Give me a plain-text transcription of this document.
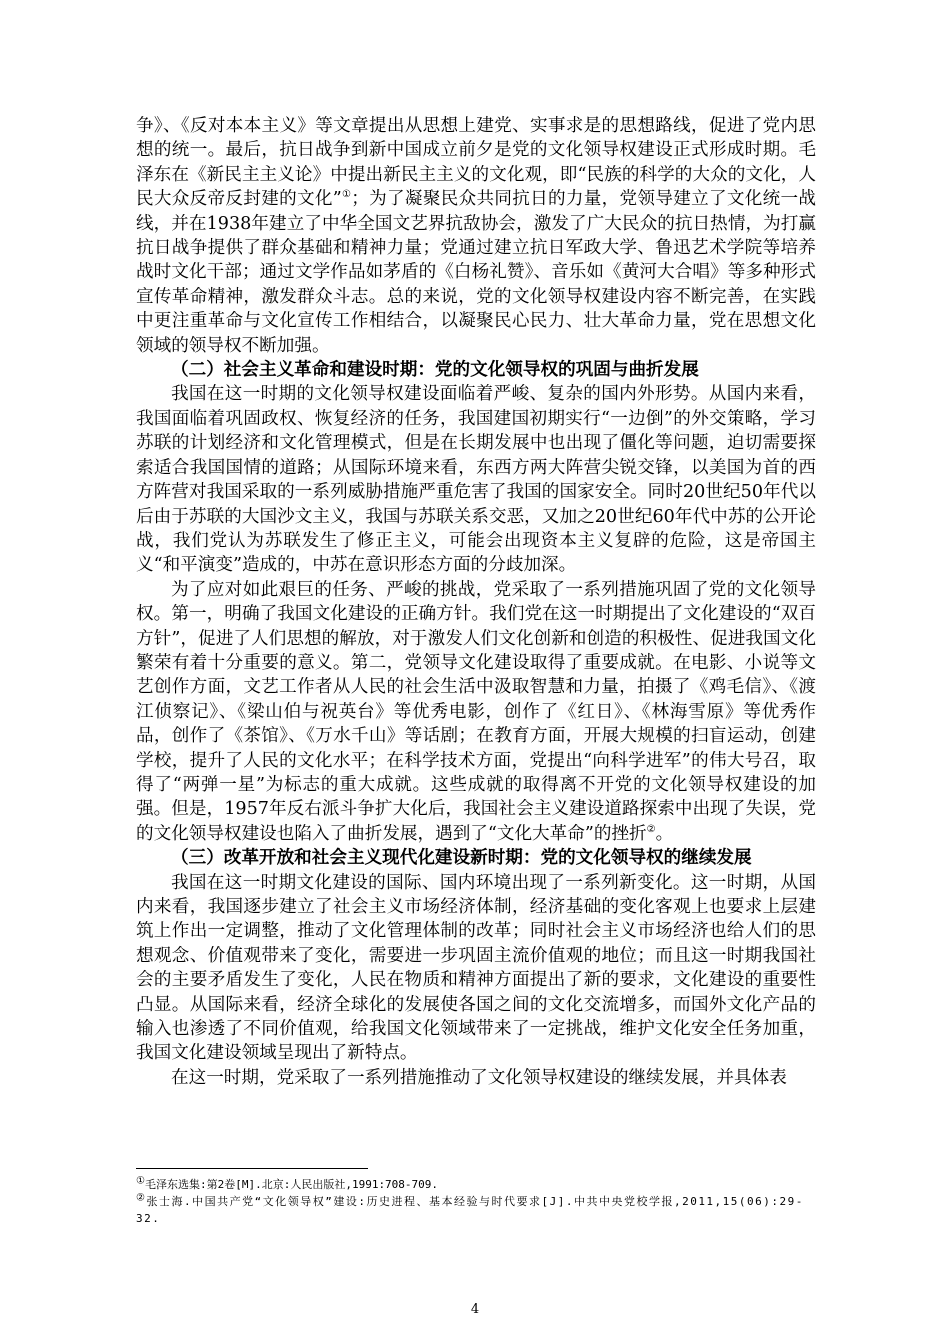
争》、《反对本本主义》等文章提出从思想上建党、实事求是的思想路线，促进了党内思想的统一。最后，抗日战争到新中国成立前夕是党的文化领导权建设正式形成时期。毛泽东在《新民主主义论》中提出新民主主义的文化观，即“民族的科学的大众的文化，人民大众反帝反封建的文化”①；为了凝聚民众共同抗日的力量，党领导建立了文化统一战线，并在1938年建立了中华全国文艺界抗敌协会，激发了广大民众的抗日热情，为打赢抗日战争提供了群众基础和精神力量；党通过建立抗日军政大学、鲁迅艺术学院等培养战时文化干部；通过文学作品如茅盾的《白杨礼赞》、音乐如《黄河大合唱》等多种形式宣传革命精神，激发群众斗志。总的来说，党的文化领导权建设内容不断完善，在实践中更注重革命与文化宣传工作相结合，以凝聚民心民力、壮大革命力量，党在思想文化领域的领导权不断加强。

（二）社会主义革命和建设时期：党的文化领导权的巩固与曲折发展

我国在这一时期的文化领导权建设面临着严峻、复杂的国内外形势。从国内来看，我国面临着巩固政权、恢复经济的任务，我国建国初期实行“一边倒”的外交策略，学习苏联的计划经济和文化管理模式，但是在长期发展中也出现了僵化等问题，迫切需要探索适合我国国情的道路；从国际环境来看，东西方两大阵营尖锐交锋，以美国为首的西方阵营对我国采取的一系列威胁措施严重危害了我国的国家安全。同时20世纪50年代以后由于苏联的大国沙文主义，我国与苏联关系交恶，又加之20世纪60年代中苏的公开论战，我们党认为苏联发生了修正主义，可能会出现资本主义复辟的危险，这是帝国主义“和平演变”造成的，中苏在意识形态方面的分歧加深。

为了应对如此艰巨的任务、严峻的挑战，党采取了一系列措施巩固了党的文化领导权。第一，明确了我国文化建设的正确方针。我们党在这一时期提出了文化建设的“双百方针”，促进了人们思想的解放，对于激发人们文化创新和创造的积极性、促进我国文化繁荣有着十分重要的意义。第二，党领导文化建设取得了重要成就。在电影、小说等文艺创作方面，文艺工作者从人民的社会生活中汲取智慧和力量，拍摄了《鸡毛信》、《渡江侦察记》、《梁山伯与祝英台》等优秀电影，创作了《红日》、《林海雪原》等优秀作品，创作了《茶馆》、《万水千山》等话剧；在教育方面，开展大规模的扫盲运动，创建学校，提升了人民的文化水平；在科学技术方面，党提出“向科学进军”的伟大号召，取得了“两弹一星”为标志的重大成就。这些成就的取得离不开党的文化领导权建设的加强。但是，1957年反右派斗争扩大化后，我国社会主义建设道路探索中出现了失误，党的文化领导权建设也陷入了曲折发展，遇到了“文化大革命”的挫折②。

（三）改革开放和社会主义现代化建设新时期：党的文化领导权的继续发展

我国在这一时期文化建设的国际、国内环境出现了一系列新变化。这一时期，从国内来看，我国逐步建立了社会主义市场经济体制，经济基础的变化客观上也要求上层建筑上作出一定调整，推动了文化管理体制的改革；同时社会主义市场经济也给人们的思想观念、价值观带来了变化，需要进一步巩固主流价值观的地位；而且这一时期我国社会的主要矛盾发生了变化，人民在物质和精神方面提出了新的要求，文化建设的重要性凸显。从国际来看，经济全球化的发展使各国之间的文化交流增多，而国外文化产品的输入也渗透了不同价值观，给我国文化领域带来了一定挑战，维护文化安全任务加重，我国文化建设领域呈现出了新特点。

在这一时期，党采取了一系列措施推动了文化领导权建设的继续发展，并具体表

①毛泽东选集:第2卷[M].北京:人民出版社,1991:708-709.

②张士海.中国共产党“文化领导权”建设:历史进程、基本经验与时代要求[J].中共中央党校学报,2011,15(06):29-32.

4
